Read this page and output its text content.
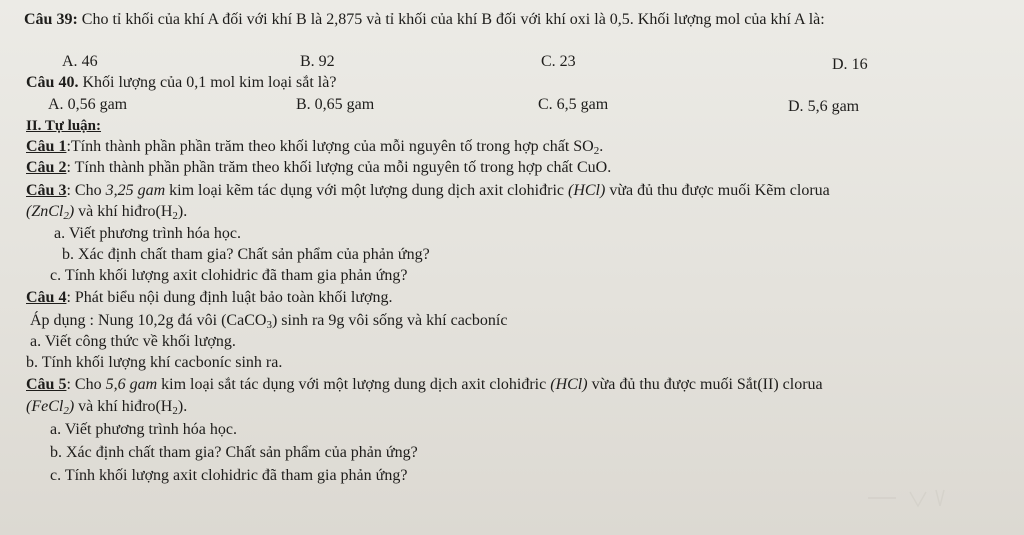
Câu 39: Cho tỉ khối của khí A đối với khí B là 2,875 và tỉ khối của khí B đối với khí oxi là 0,5. Khối lượng mol của khí A là:
A. 46	B. 92	C. 23	D. 16
Câu 40. Khối lượng của 0,1 mol kim loại sắt là?
A. 0,56 gam	B. 0,65 gam	C. 6,5 gam	D. 5,6 gam
II. Tự luận:
Câu 1:Tính thành phần phần trăm theo khối lượng của mỗi nguyên tố trong hợp chất $SO_2$.
Câu 2: Tính thành phần phần trăm theo khối lượng của mỗi nguyên tố trong hợp chất CuO.
Câu 3: Cho 3,25 gam kim loại kẽm tác dụng với một lượng dung dịch axit clohiđric (HCl) vừa đủ thu được muối Kẽm clorua
(ZnCl$_2$) và khí $hiđro(H_2)$.
a. Viết phương trình hóa học.
b. Xác định chất tham gia? Chất sản phẩm của phản ứng?
c. Tính khối lượng axit clohidric đã tham gia phản ứng?
Câu 4: Phát biểu nội dung định luật bảo toàn khối lượng.
Áp dụng : Nung 10,2g đá vôi (CaCO$_3$) sinh ra 9g vôi sống và khí cacboníc
a. Viết công thức về khối lượng.
b. Tính khối lượng khí cacboníc sinh ra.
Câu 5: Cho 5,6 gam kim loại sắt tác dụng với một lượng dung dịch axit clohiđric (HCl) vừa đủ thu được muối Sắt(II) clorua
(FeCl$_2$) và khí $hiđro(H_2)$.
a. Viết phương trình hóa học.
b. Xác định chất tham gia? Chất sản phẩm của phản ứng?
c. Tính khối lượng axit clohidric đã tham gia phản ứng?
